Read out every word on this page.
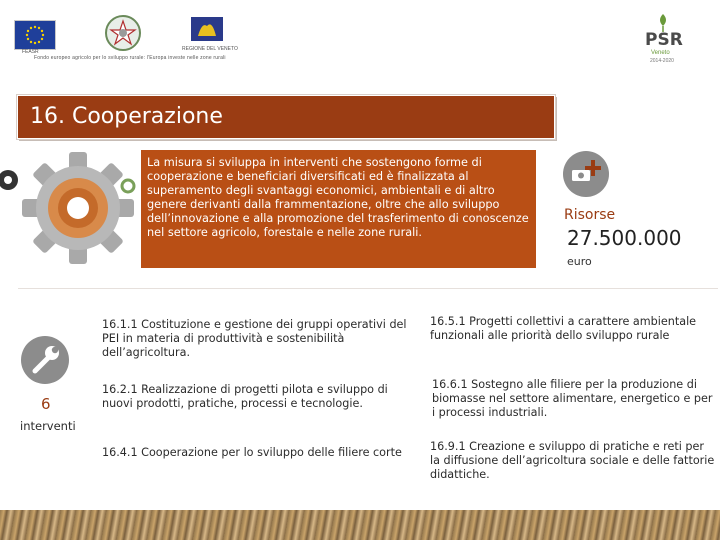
FEASR	REGIONE DEL VENETO
Fondo europeo agricolo per lo sviluppo rurale: l'Europa investe nelle zone rurali
PSR
Veneto
2014-2020
16. Cooperazione

La misura si sviluppa in interventi che sostengono forme di cooperazione e beneficiari diversificati ed è finalizzata al superamento degli svantaggi economici, ambientali e di altro genere derivanti dalla frammentazione, oltre che allo sviluppo dell’innovazione e alla promozione del trasferimento di conoscenze nel settore agricolo, forestale e nelle zone rurali.

Risorse
27.500.000
euro
6
interventi
16.1.1 Costituzione e gestione dei gruppi operativi del PEI in materia di produttività e sostenibilità dell’agricoltura.
16.2.1 Realizzazione di progetti pilota e sviluppo di nuovi prodotti, pratiche, processi e tecnologie.
16.4.1 Cooperazione per lo sviluppo delle filiere corte
16.5.1 Progetti collettivi a carattere ambientale funzionali alle priorità dello sviluppo rurale
16.6.1 Sostegno alle filiere per la produzione di biomasse nel settore alimentare, energetico e per i processi industriali.
16.9.1 Creazione e sviluppo di pratiche e reti per la diffusione dell’agricoltura sociale e delle fattorie didattiche.
